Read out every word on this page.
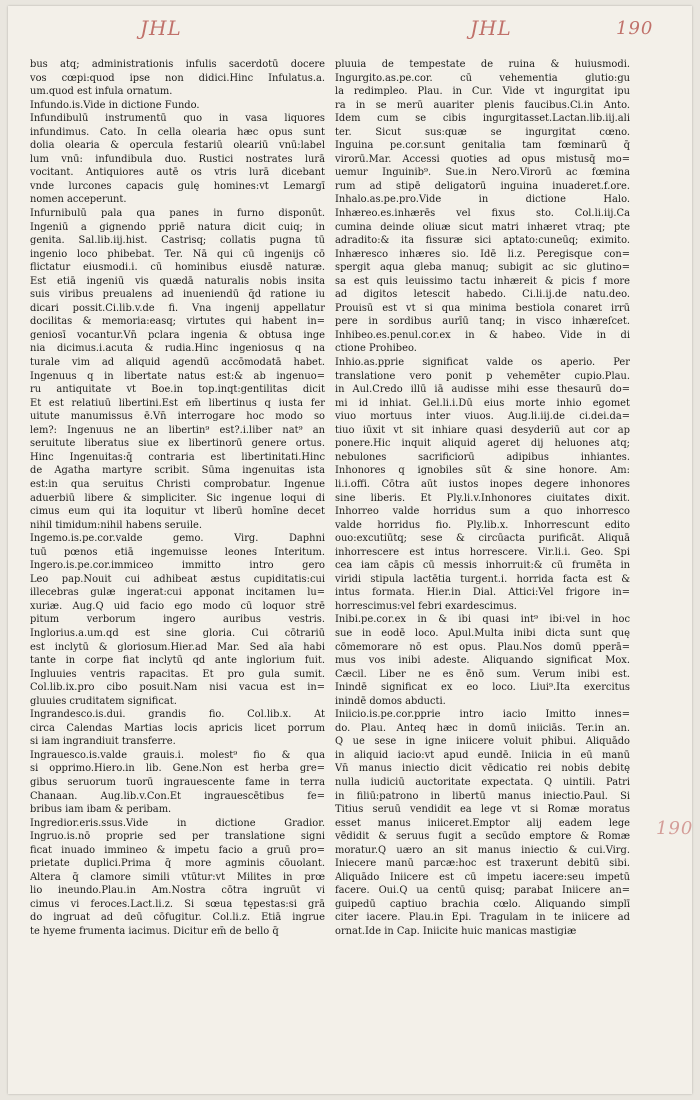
JHL	JHL	190
190
bus atq; administrationis infulis sacerdotū docere
vos cœpi:quod ipse non didici.Hinc Infulatus.a.
um.quod est infula ornatum.
Infundo.is.Vide in dictione Fundo.
Infundibulū instrumentū quo in vasa liquores
infundimus. Cato. In cella olearia hæc opus sunt
dolia olearia & opercula festariū oleariū vnū:label
lum vnū: infundibula duo. Rustici nostrates lurā
vocitant. Antiquiores autē os vtris lurā dicebant
vnde lurcones capacis gulę homines:vt Lemargī
nomen acceperunt.
Infurnibulū pala qua panes in furno disponūt.
Ingeniū a gignendo ppriē natura dicit cuiq; in
genita. Sal.lib.iij.hist. Castrisq; collatis pugna tū
ingenio loco phibebat. Ter. Nā qui cū ingenijs cō
flictatur eiusmodi.i. cū hominibus eiusdē naturæ.
Est etiā ingeniū vis quædā naturalis nobis insita
suis viribus preualens ad inueniendū q̄d ratione iu
dicari possit.Ci.lib.v.de fi. Vna ingenij appellatur
docilitas & memoria:easq; virtutes qui habent in=
geniosī vocantur.Vn̄ pclara ingenia & obtusa inge
nia dicimus.i.acuta & rudia.Hinc ingeniosus q na
turale vim ad aliquid agendū accōmodatā habet.
Ingenuus q in libertate natus est:& ab ingenuo=
ru antiquitate vt Boe.in top.inqt:gentilitas dicit
Et est relatiuū libertini.Est em̄ libertinus q iusta fer
uitute manumissus ē.Vn̄ interrogare hoc modo so
lem?: Ingenuus ne an libertin⁹ est?.i.liber nat⁹ an
seruitute liberatus siue ex libertinorū genere ortus.
Hinc Ingenuitas:q̄ contraria est libertinitati.Hinc
de Agatha martyre scribit. Sūma ingenuitas ista
est:in qua seruitus Christi comprobatur. Ingenue
aduerbiū libere & simpliciter. Sic ingenue loqui di
cimus eum qui ita loquitur vt liberū homīne decet
nihil timidum:nihil habens seruile.
Ingemo.is.pe.cor.valde gemo. Virg. Daphni
tuū pœnos etiā ingemuisse leones Interitum.
Ingero.is.pe.cor.immiceo immitto intro gero
Leo pap.Nouit cui adhibeat æstus cupiditatis:cui
illecebras gulæ ingerat:cui apponat incitamen lu=
xuriæ. Aug.Q uid facio ego modo cū loquor strē
pitum verborum ingero auribus vestris.
Inglorius.a.um.qd est sine gloria. Cui cōtrariū
est inclytū & gloriosum.Hier.ad Mar. Sed aīa habi
tante in corpe fiat inclytū qd ante inglorium fuit.
Ingluuies ventris rapacitas. Et pro gula sumit.
Col.lib.ix.pro cibo posuit.Nam nisi vacua est in=
gluuies cruditatem significat.
Ingrandesco.is.dui. grandis fio. Col.lib.x. At
circa Calendas Martias locis apricis licet porrum
si iam ingrandiuit transferre.
Ingrauesco.is.valde grauis.i. molest⁹ fio & qua
si opprimo.Hiero.in lib. Gene.Non est herba gre=
gibus seruorum tuorū ingrauescente fame in terra
Chanaan. Aug.lib.v.Con.Et ingrauescētibus fe=
bribus iam ibam & peribam.
Ingredior.eris.ssus.Vide in dictione Gradior.
Ingruo.is.nō proprie sed per translatione signi
ficat inuado immineo & impetu facio a gruū pro=
prietate duplici.Prima q̄ more agminis cōuolant.
Altera q̄ clamore simili vtūtur:vt Milites in prœ
lio ineundo.Plau.in Am.Nostra cōtra ingruūt vi
cimus vi feroces.Lact.li.z. Si sœua tępestas:si grā
do ingruat ad deū cōfugitur. Col.li.z. Etiā ingrue
te hyeme frumenta iacimus. Dicitur em̄ de bello q̄
pluuia de tempestate de ruina & huiusmodi.
Ingurgito.as.pe.cor. cū vehementia glutio:gu
la redimpleo. Plau. in Cur. Vide vt ingurgitat ipu
ra in se merū auariter plenis faucibus.Ci.in Anto.
Idem cum se cibis ingurgitasset.Lactan.lib.iij.ali
ter. Sicut sus:quæ se ingurgitat cœno.
Inguina pe.cor.sunt genitalia tam fœminarū q̄
virorū.Mar. Accessi quoties ad opus mistusq̄ mo=
uemur Inguinib⁹. Sue.in Nero.Virorū ac fœmina
rum ad stipē deligatorū inguina inuaderet.f.ore.
Inhalo.as.pe.pro.Vide in dictione Halo.
Inhæreo.es.inhærēs vel fixus sto. Col.li.iij.Ca
cumina deinde oliuæ sicut matri inhæret vtraq; pte
adradito:& ita fissuræ sici aptato:cuneūq; eximito.
Inhæresco inhæres sio. Idē li.z. Peregisque con=
spergit aqua gleba manuq; subigit ac sic glutino=
sa est quis leuissimo tactu inhæreit & picis f more
ad digitos letescit habedo. Ci.li.ij.de natu.deo.
Prouisū est vt si qua minima bestiola conaret irrū
pere in sordibus aurīū tanq; in visco inhæreſcet.
Inhibeo.es.penul.cor.ex in & habeo. Vide in di
ctione Prohibeo.
Inhio.as.pprie significat valde os aperio. Per
translatione vero ponit p vehemēter cupio.Plau.
in Aul.Credo illū iā audisse mihi esse thesaurū do=
mi id inhiat. Gel.li.i.Dū eius morte inhio egomet
viuo mortuus inter viuos. Aug.li.iij.de ci.dei.da=
tiuo iūxit vt sit inhiare quasi desyderiū aut cor ap
ponere.Hic inquit aliquid ageret dij heluones atq;
nebulones sacrificiorū adipibus inhiantes.
Inhonores q ignobiles sūt & sine honore. Am:
li.i.offi. Cōtra aūt iustos inopes degere inhonores
sine liberis. Et Ply.li.v.Inhonores ciuitates dixit.
Inhorreo valde horridus sum a quo inhorresco
valde horridus fio. Ply.lib.x. Inhorrescunt edito
ouo:excutiūtq; sese & circūacta purificāt. Aliquā
inhorrescere est intus horrescere. Vir.li.i. Geo. Spi
cea iam cāpis cū messis inhorruit:& cū frumēta in
viridi stipula lactētia turgent.i. horrida facta est &
intus formata. Hier.in Dial. Attici:Vel frigore in=
horrescimus:vel febri exardescimus.
Inibi.pe.cor.ex in & ibi quasi int⁹ ibi:vel in hoc
sue in eodē loco. Apul.Multa inibi dicta sunt quę
cōmemorare nō est opus. Plau.Nos domū pperā=
mus vos inibi adeste. Aliquando significat Mox.
Cæcil. Liber ne es ēnō sum. Verum inibi est.
Inindē significat ex eo loco. Liui⁹.Ita exercitus
inindē domos abducti.
Iniicio.is.pe.cor.pprie intro iacio Imitto innes=
do. Plau. Anteq hæc in domū iniiciās. Ter.in an.
Q ue sese in igne iniicere voluit phibui. Aliquādo
in aliquid iacio:vt apud eundē. Iniicia in eū manū
Vn̄ manus iniectio dicit vēdicatio rei nobis debitę
nulla iudiciū auctoritate expectata. Q uintili. Patri
in filiū:patrono in libertū manus iniectio.Paul. Si
Titius seruū vendidit ea lege vt si Romæ moratus
esset manus iniiceret.Emptor alij eadem lege
vēdidit & seruus fugit a secūdo emptore & Romæ
moratur.Q uæro an sit manus iniectio & cui.Virg.
Iniecere manū parcæ:hoc est traxerunt debitū sibi.
Aliquādo Iniicere est cū impetu iacere:seu impetū
facere. Oui.Q ua centū quisq; parabat Iniicere an=
guipedū captiuo brachia cœlo. Aliquando simplī
citer iacere. Plau.in Epi. Tragulam in te iniicere ad
ornat.Ide in Cap. Iniicite huic manicas mastigiæ
